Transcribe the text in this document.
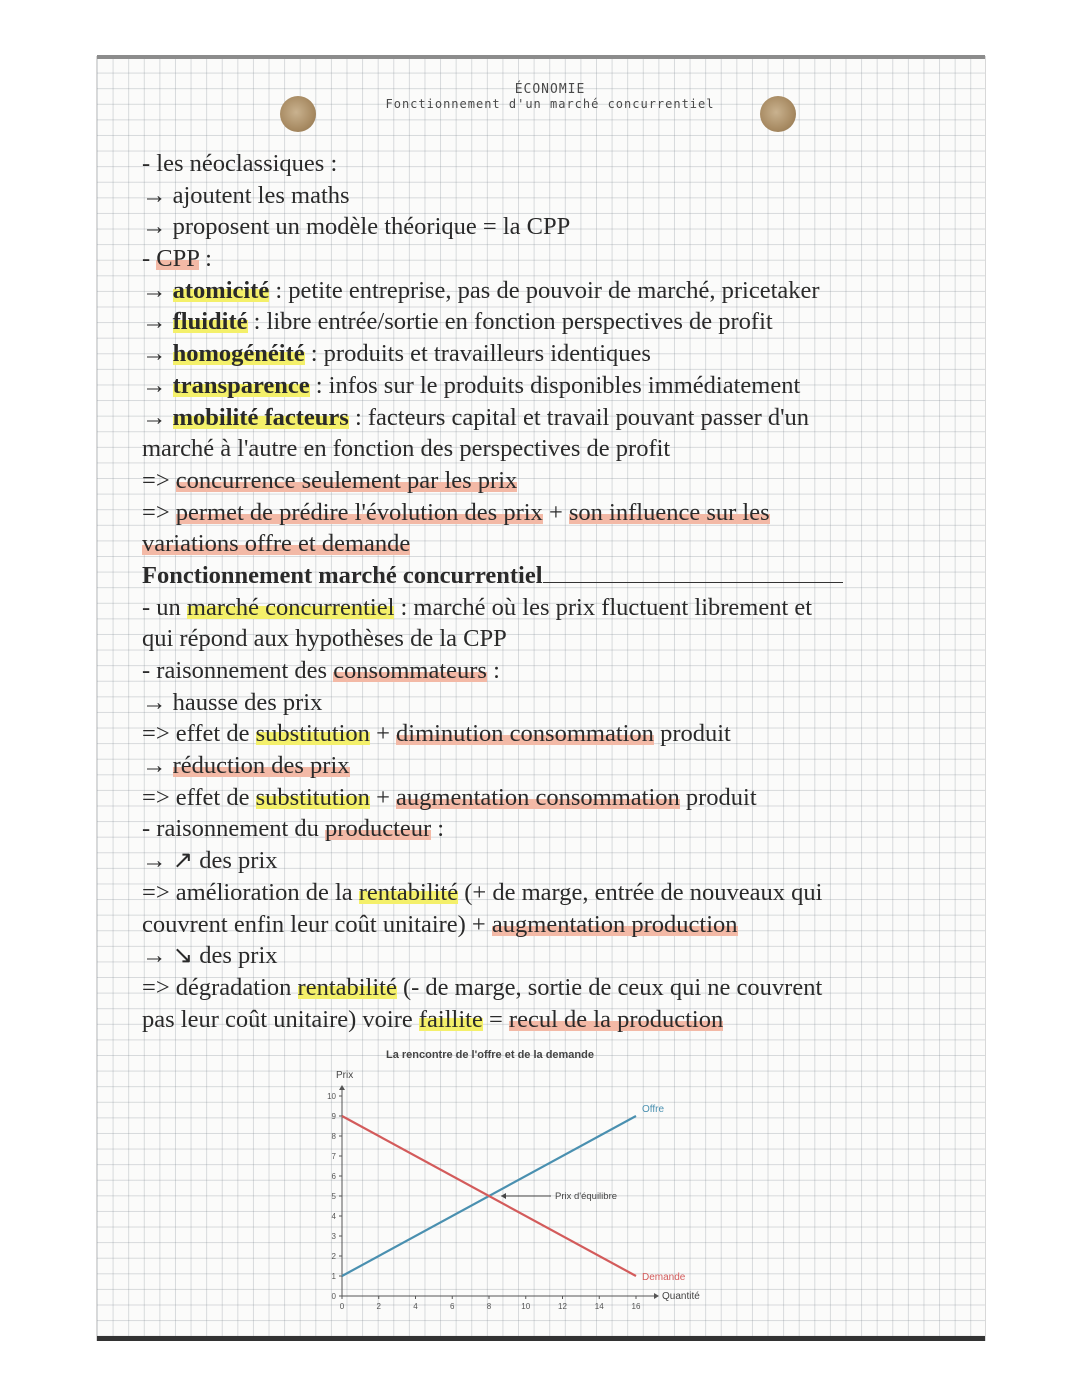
ÉCONOMIE
Fonctionnement d'un marché concurrentiel
- les néoclassiques :
→ ajoutent les maths
→ proposent un modèle théorique = la CPP
- CPP :
→ atomicité : petite entreprise, pas de pouvoir de marché, pricetaker
→ fluidité : libre entrée/sortie en fonction perspectives de profit
→ homogénéité : produits et travailleurs identiques
→ transparence : infos sur le produits disponibles immédiatement
→ mobilité facteurs : facteurs capital et travail pouvant passer d'un
marché à l'autre en fonction des perspectives de profit
=> concurrence seulement par les prix
=> permet de prédire l'évolution des prix + son influence sur les
variations offre et demande
Fonctionnement marché concurrentiel
- un marché concurrentiel : marché où les prix fluctuent librement et
qui répond aux hypothèses de la CPP
- raisonnement des consommateurs :
→ hausse des prix
=> effet de substitution + diminution consommation produit
→ réduction des prix
=> effet de substitution + augmentation consommation produit
- raisonnement du producteur :
→ ↗ des prix
=> amélioration de la rentabilité (+ de marge, entrée de nouveaux qui
couvrent enfin leur coût unitaire) + augmentation production
→ ↘ des prix
=> dégradation rentabilité (- de marge, sortie de ceux qui ne couvrent
pas leur coût unitaire) voire faillite = recul de la production
La rencontre de l'offre et de la demande
Prix
Quantité
0
1
2
3
4
5
6
7
8
9
10
0	2	4	6	8	10	12	14	16
Offre
Demande
Prix d'équilibre
